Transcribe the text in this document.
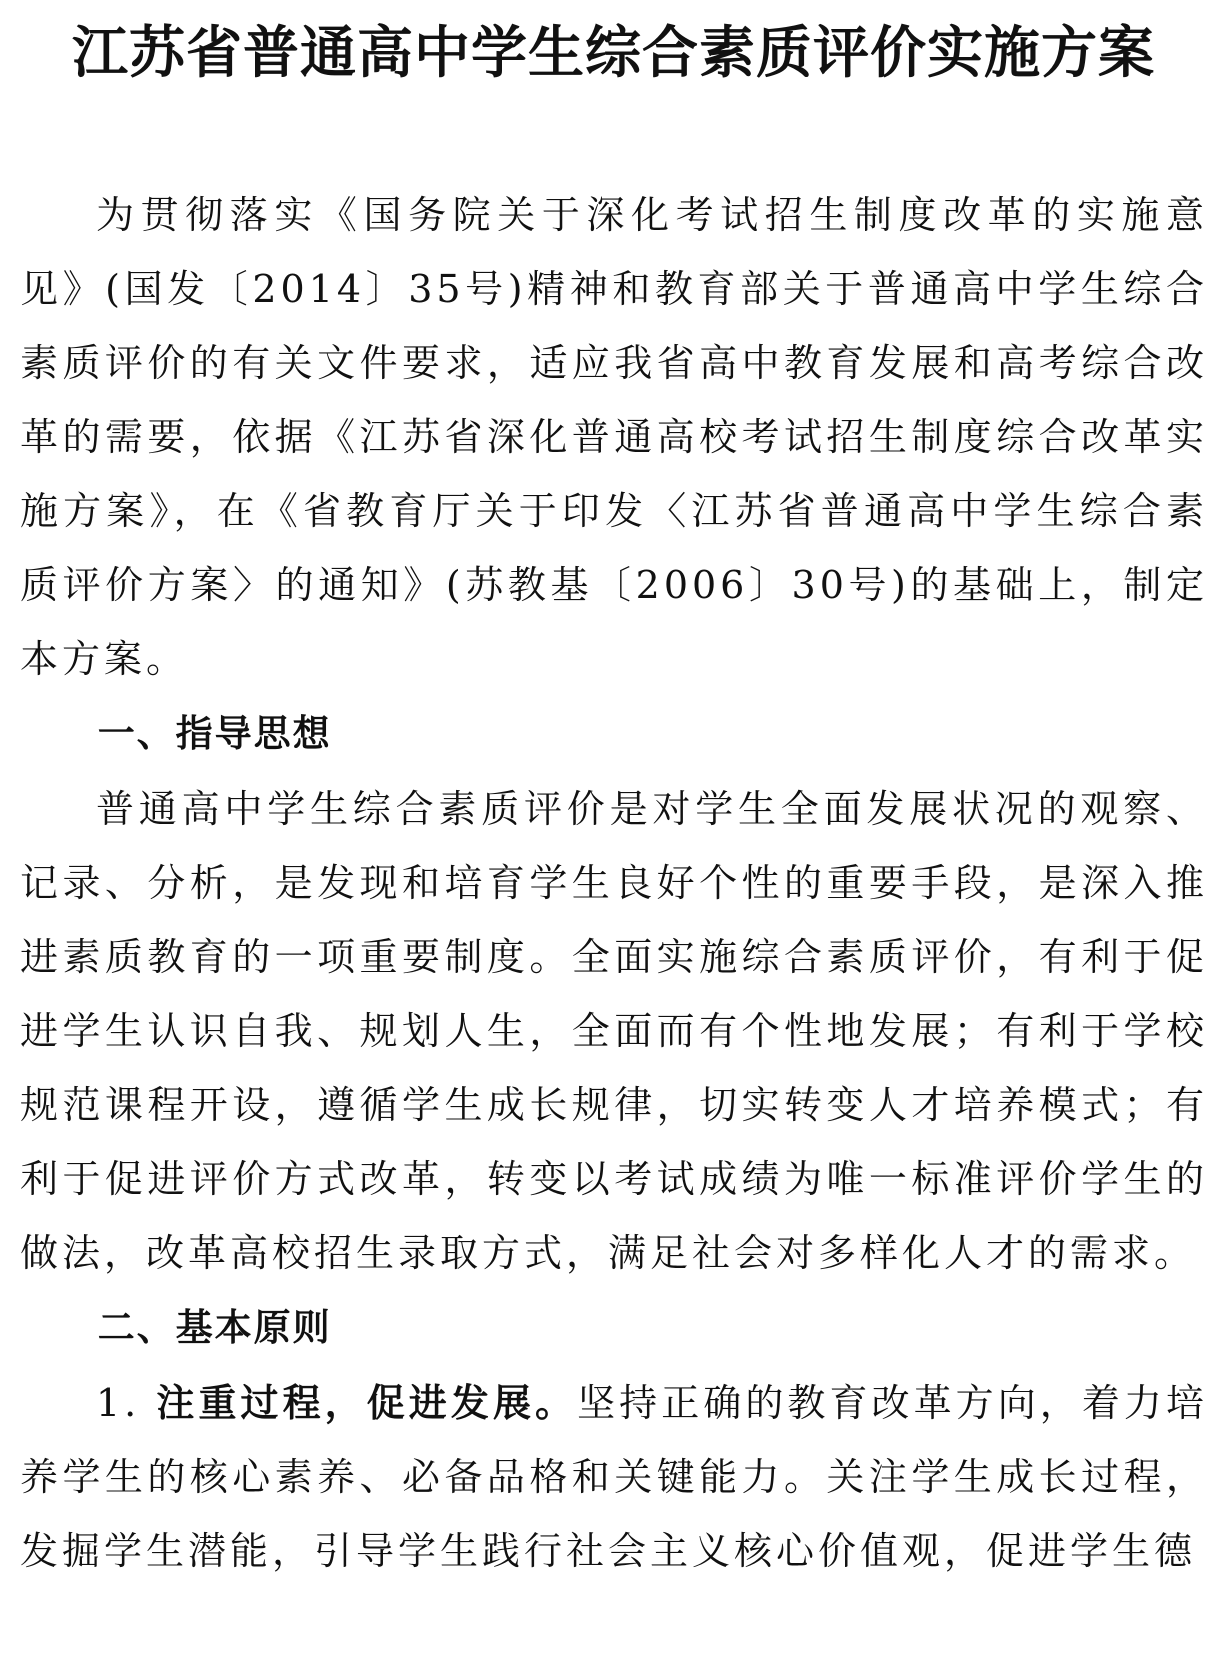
江苏省普通高中学生综合素质评价实施方案

为贯彻落实《国务院关于深化考试招生制度改革的实施意见》(国发〔2014〕35号)精神和教育部关于普通高中学生综合素质评价的有关文件要求，适应我省高中教育发展和高考综合改革的需要，依据《江苏省深化普通高校考试招生制度综合改革实施方案》，在《省教育厅关于印发〈江苏省普通高中学生综合素质评价方案〉的通知》(苏教基〔2006〕30号)的基础上，制定本方案。

一、指导思想

普通高中学生综合素质评价是对学生全面发展状况的观察、记录、分析，是发现和培育学生良好个性的重要手段，是深入推进素质教育的一项重要制度。全面实施综合素质评价，有利于促进学生认识自我、规划人生，全面而有个性地发展；有利于学校规范课程开设，遵循学生成长规律，切实转变人才培养模式；有利于促进评价方式改革，转变以考试成绩为唯一标准评价学生的做法，改革高校招生录取方式，满足社会对多样化人才的需求。

二、基本原则

1. 注重过程，促进发展。坚持正确的教育改革方向，着力培养学生的核心素养、必备品格和关键能力。关注学生成长过程，发掘学生潜能，引导学生践行社会主义核心价值观，促进学生德
